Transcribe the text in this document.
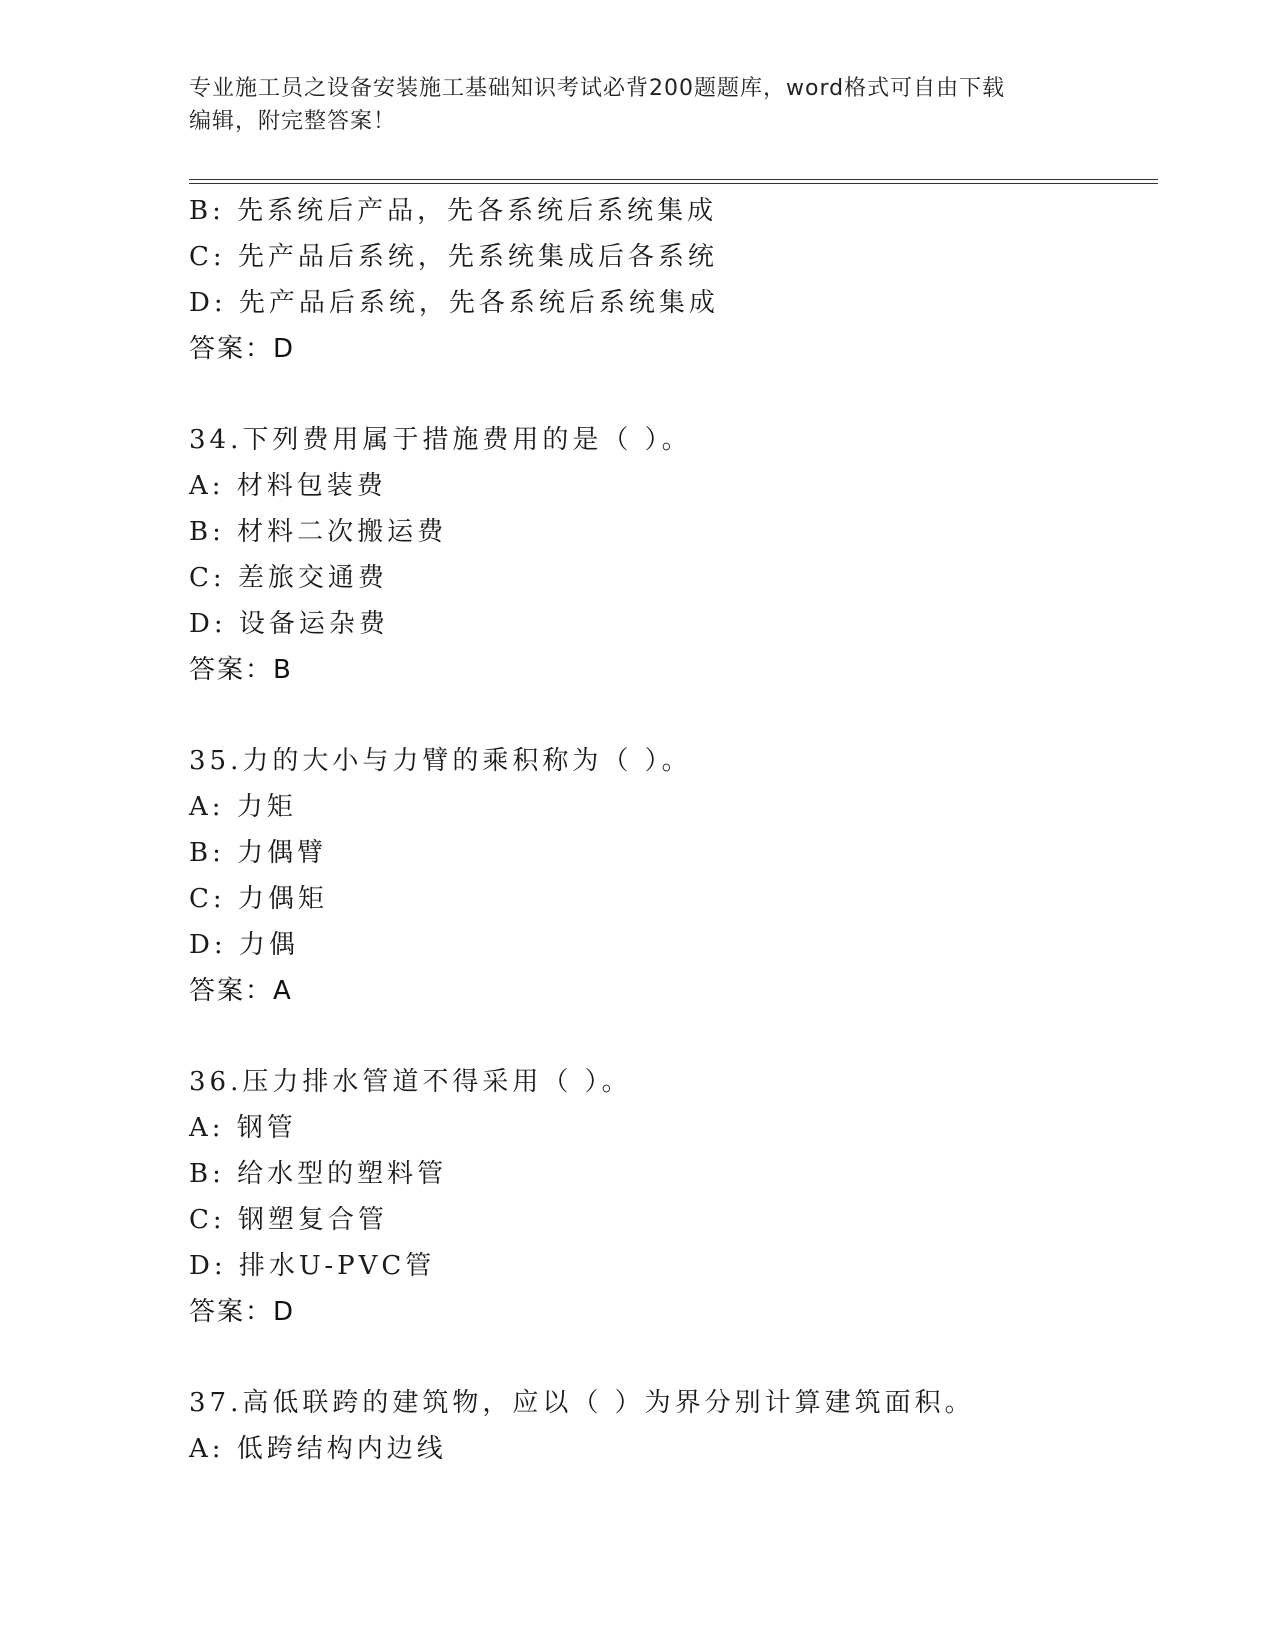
专业施工员之设备安装施工基础知识考试必背200题题库，word格式可自由下载
编辑，附完整答案！
B: 先系统后产品，先各系统后系统集成
C: 先产品后系统，先系统集成后各系统
D: 先产品后系统，先各系统后系统集成
答案：D
34.下列费用属于措施费用的是（ ）。
A: 材料包装费
B: 材料二次搬运费
C: 差旅交通费
D: 设备运杂费
答案：B
35.力的大小与力臂的乘积称为（ ）。
A: 力矩
B: 力偶臂
C: 力偶矩
D: 力偶
答案：A
36.压力排水管道不得采用（ ）。
A: 钢管
B: 给水型的塑料管
C: 钢塑复合管
D: 排水U-PVC管
答案：D
37.高低联跨的建筑物，应以（ ）为界分别计算建筑面积。
A: 低跨结构内边线
